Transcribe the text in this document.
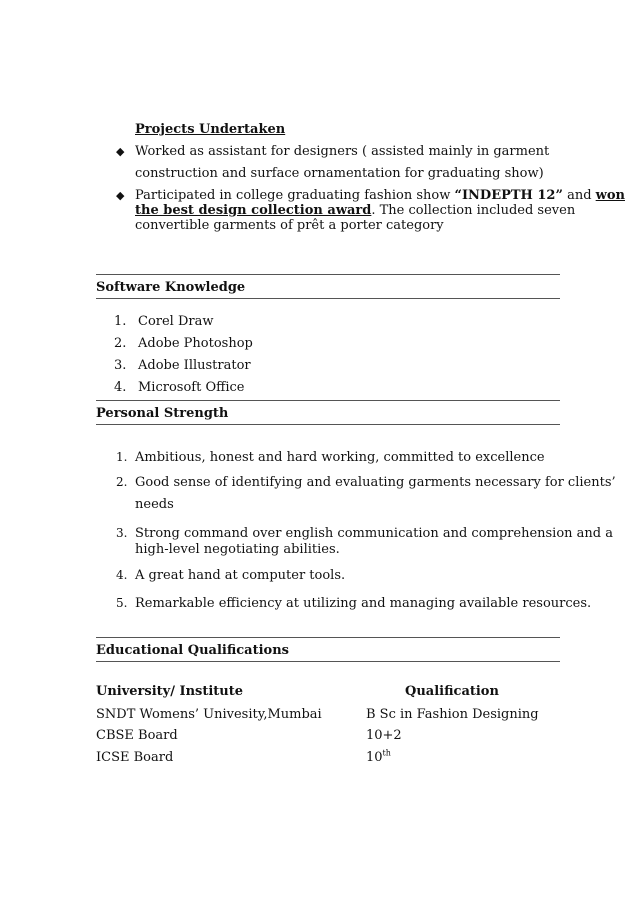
Projects Undertaken
◆ Worked as assistant for designers ( assisted mainly in garment
construction and surface ornamentation for graduating show)
◆ Participated in college graduating fashion show “INDEPTH 12” and won
the best design collection award. The collection included seven
convertible garments of prêt a porter category
Software Knowledge
1. Corel Draw
2. Adobe Photoshop
3. Adobe Illustrator
4. Microsoft Office
Personal Strength
1. Ambitious, honest and hard working, committed to excellence
2. Good sense of identifying and evaluating garments necessary for clients’
needs
3. Strong command over english communication and comprehension and a
high-level negotiating abilities.
4. A great hand at computer tools.
5. Remarkable efficiency at utilizing and managing available resources.
Educational Qualifications
University/ Institute	Qualification
SNDT Womens’ Univesity,Mumbai	B Sc in Fashion Designing
CBSE Board	10+2
ICSE Board	10th
